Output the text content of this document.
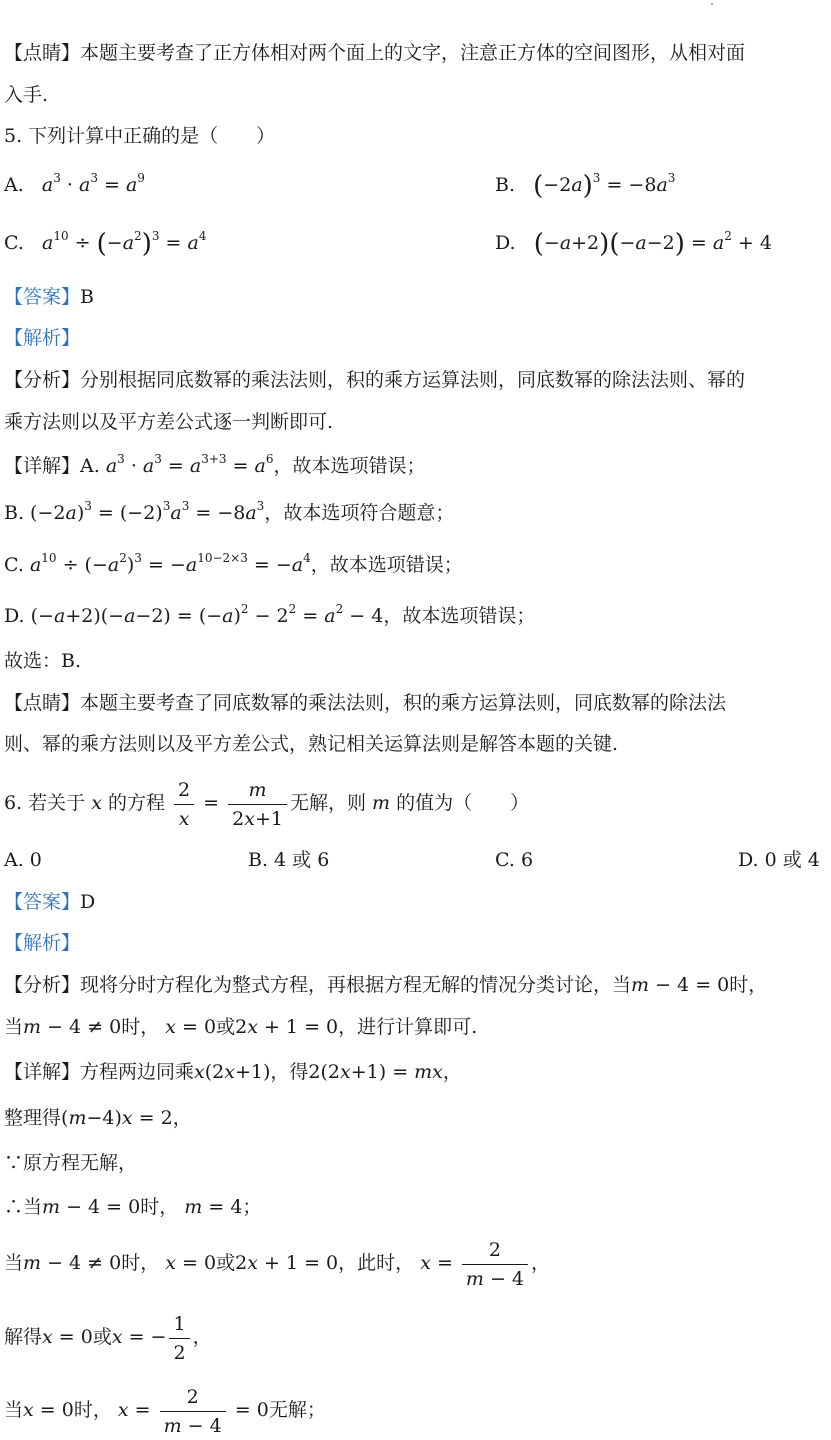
【点睛】本题主要考查了正方体相对两个面上的文字，注意正方体的空间图形，从相对面
入手.
5. 下列计算中正确的是（　　）
A. $a^3 \cdot a^3 = a^9$	B. $(-2a)^3 = -8a^3$
C. $a^{10} \div (-a^2)^3 = a^4$	D. $(-a+2)(-a-2) = a^2 + 4$
【答案】B
【解析】
【分析】分别根据同底数幂的乘法法则，积的乘方运算法则，同底数幂的除法法则、幂的
乘方法则以及平方差公式逐一判断即可.
【详解】A. $a^3 \cdot a^3 = a^{3+3} = a^6$，故本选项错误；
B. $(-2a)^3 = (-2)^3a^3 = -8a^3$，故本选项符合题意；
C. $a^{10} \div (-a^2)^3 = -a^{10-2\times 3} = -a^4$，故本选项错误；
D. $(-a+2)(-a-2) = (-a)^2 - 2^2 = a^2 - 4$，故本选项错误；
故选：B.
【点睛】本题主要考查了同底数幂的乘法法则，积的乘方运算法则，同底数幂的除法法
则、幂的乘方法则以及平方差公式，熟记相关运算法则是解答本题的关键.
6. 若关于 x 的方程 $\frac{2}{x} = \frac{m}{2x+1}$ 无解，则 m 的值为（　　）
A. 0	B. 4 或 6	C. 6	D. 0 或 4
【答案】D
【解析】
【分析】现将分时方程化为整式方程，再根据方程无解的情况分类讨论，当m − 4 = 0时，
当m − 4 ≠ 0时， x = 0或2x + 1 = 0，进行计算即可.
【详解】方程两边同乘x(2x+1)，得2(2x+1) = mx，
整理得(m−4)x = 2，
∵原方程无解，
∴当m − 4 = 0时， m = 4；
当m − 4 ≠ 0时， x = 0或2x + 1 = 0，此时， $x = \frac{2}{m - 4}$ ，
解得x = 0或x = − $\frac{1}{2}$ ，
当x = 0时， $x = \frac{2}{m - 4} = 0$无解；
